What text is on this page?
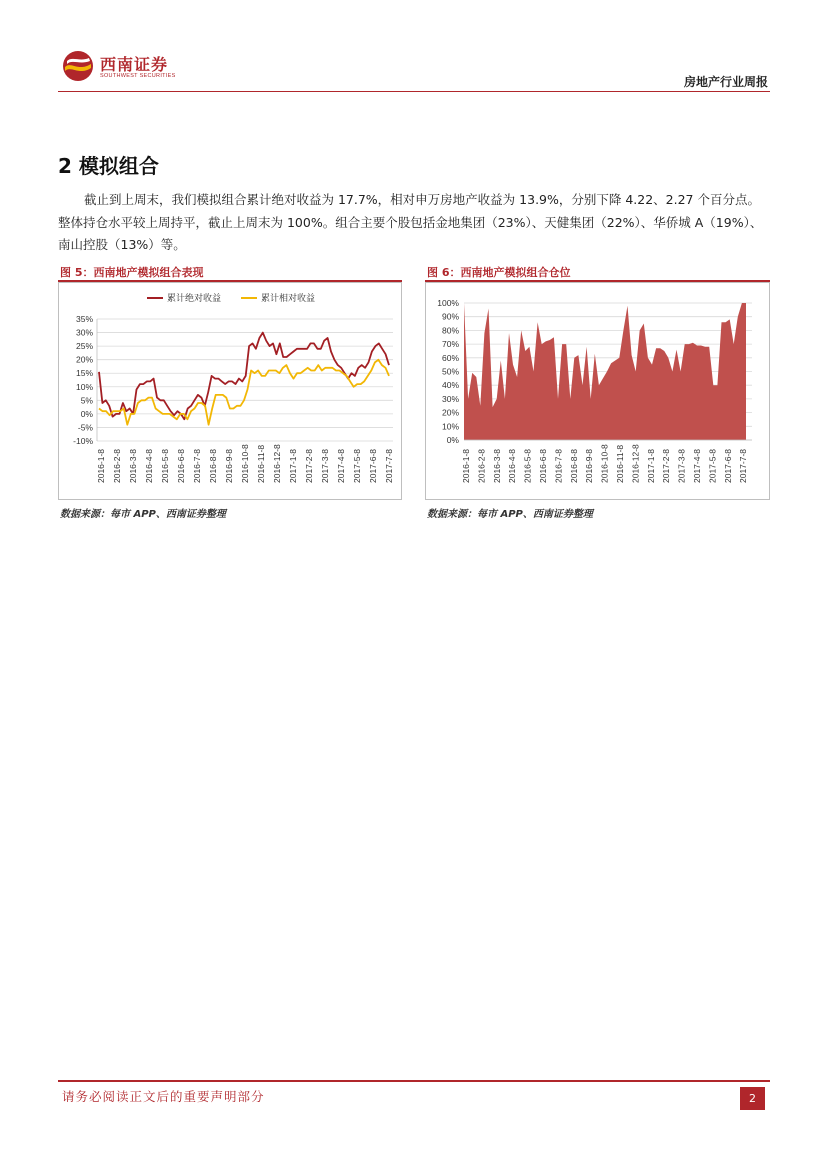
西南证券
SOUTHWEST SECURITIES	房地产行业周报
2 模拟组合

截止到上周末，我们模拟组合累计绝对收益为 17.7%，相对申万房地产收益为 13.9%，分别下降 4.22、2.27 个百分点。整体持仓水平较上周持平，截止上周末为 100%。组合主要个股包括金地集团（23%）、天健集团（22%）、华侨城 A（19%）、南山控股（13%）等。

图 5：西南地产模拟组合表现
35%
30%
25%
20%
15%
10%
5%
0%
-5%
-10%
2016-1-8 2016-2-8 2016-3-8 2016-4-8 2016-5-8 2016-6-8 2016-7-8 2016-8-8 2016-9-8 2016-10-8 2016-11-8 2016-12-8 2017-1-8 2017-2-8 2017-3-8 2017-4-8 2017-5-8 2017-6-8 2017-7-8
累计绝对收益	累计相对收益
数据来源：每市 APP、西南证券整理
图 6：西南地产模拟组合仓位
100%
90%
80%
70%
60%
50%
40%
30%
20%
10%
0%
2016-1-8 2016-2-8 2016-3-8 2016-4-8 2016-5-8 2016-6-8 2016-7-8 2016-8-8 2016-9-8 2016-10-8 2016-11-8 2016-12-8 2017-1-8 2017-2-8 2017-3-8 2017-4-8 2017-5-8 2017-6-8 2017-7-8
数据来源：每市 APP、西南证券整理
请务必阅读正文后的重要声明部分	2
